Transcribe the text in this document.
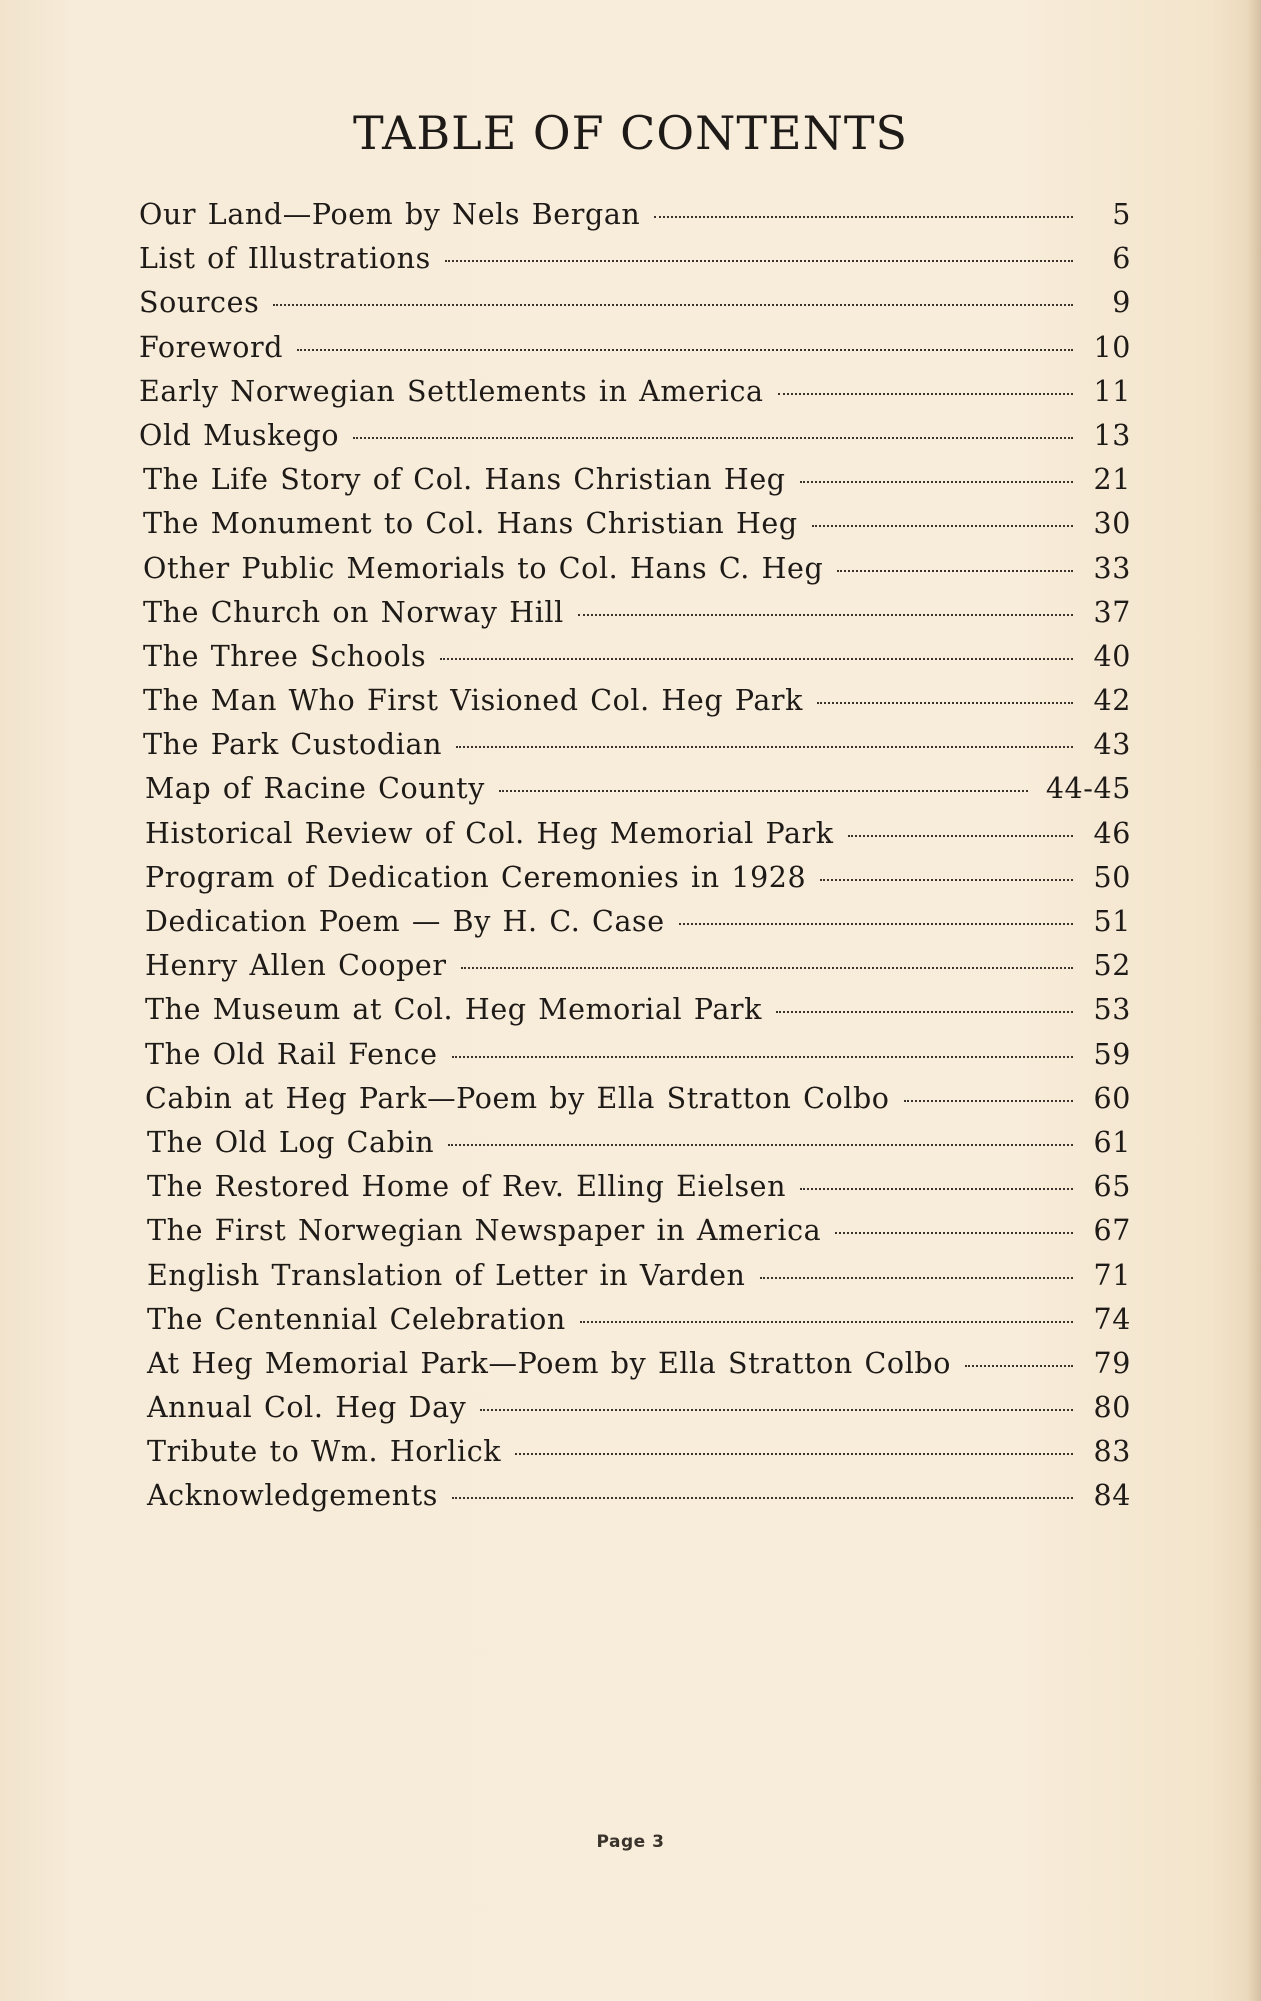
TABLE OF CONTENTS
Our Land—Poem by Nels Bergan	5
List of Illustrations	6
Sources	9
Foreword	10
Early Norwegian Settlements in America	11
Old Muskego	13
The Life Story of Col. Hans Christian Heg	21
The Monument to Col. Hans Christian Heg	30
Other Public Memorials to Col. Hans C. Heg	33
The Church on Norway Hill	37
The Three Schools	40
The Man Who First Visioned Col. Heg Park	42
The Park Custodian	43
Map of Racine County	44-45
Historical Review of Col. Heg Memorial Park	46
Program of Dedication Ceremonies in 1928	50
Dedication Poem — By H. C. Case	51
Henry Allen Cooper	52
The Museum at Col. Heg Memorial Park	53
The Old Rail Fence	59
Cabin at Heg Park—Poem by Ella Stratton Colbo	60
The Old Log Cabin	61
The Restored Home of Rev. Elling Eielsen	65
The First Norwegian Newspaper in America	67
English Translation of Letter in Varden	71
The Centennial Celebration	74
At Heg Memorial Park—Poem by Ella Stratton Colbo	79
Annual Col. Heg Day	80
Tribute to Wm. Horlick	83
Acknowledgements	84
Page 3
